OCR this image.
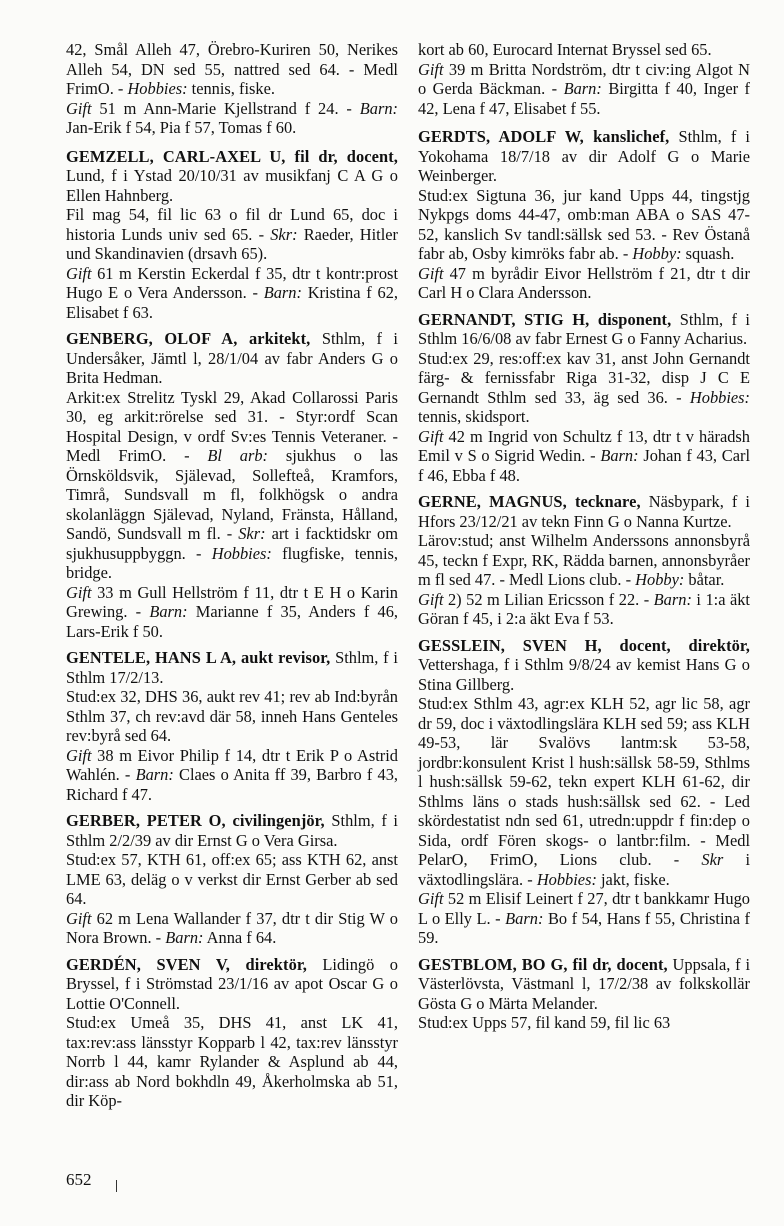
42, Smål Alleh 47, Örebro-Kuriren 50, Nerikes Alleh 54, DN sed 55, nattred sed 64. - Medl FrimO. - Hobbies: tennis, fiske.

Gift 51 m Ann-Marie Kjellstrand f 24. - Barn: Jan-Erik f 54, Pia f 57, Tomas f 60.

GEMZELL, CARL-AXEL U, fil dr, docent, Lund, f i Ystad 20/10/31 av musikfanj C A G o Ellen Hahnberg.

Fil mag 54, fil lic 63 o fil dr Lund 65, doc i historia Lunds univ sed 65. - Skr: Raeder, Hitler und Skandinavien (drsavh 65).

Gift 61 m Kerstin Eckerdal f 35, dtr t kontr:prost Hugo E o Vera Andersson. - Barn: Kristina f 62, Elisabet f 63.

GENBERG, OLOF A, arkitekt, Sthlm, f i Undersåker, Jämtl l, 28/1/04 av fabr Anders G o Brita Hedman.

Arkit:ex Strelitz Tyskl 29, Akad Collarossi Paris 30, eg arkit:rörelse sed 31. - Styr:ordf Scan Hospital Design, v ordf Sv:es Tennis Veteraner. - Medl FrimO. - Bl arb: sjukhus o las Örnsköldsvik, Själevad, Sollefteå, Kramfors, Timrå, Sundsvall m fl, folkhögsk o andra skolanläggn Själevad, Nyland, Fränsta, Hålland, Sandö, Sundsvall m fl. - Skr: art i facktidskr om sjukhusuppbyggn. - Hobbies: flugfiske, tennis, bridge.

Gift 33 m Gull Hellström f 11, dtr t E H o Karin Grewing. - Barn: Marianne f 35, Anders f 46, Lars-Erik f 50.

GENTELE, HANS L A, aukt revisor, Sthlm, f i Sthlm 17/2/13.

Stud:ex 32, DHS 36, aukt rev 41; rev ab Ind:byrån Sthlm 37, ch rev:avd där 58, inneh Hans Genteles rev:byrå sed 64.

Gift 38 m Eivor Philip f 14, dtr t Erik P o Astrid Wahlén. - Barn: Claes o Anita ff 39, Barbro f 43, Richard f 47.

GERBER, PETER O, civilingenjör, Sthlm, f i Sthlm 2/2/39 av dir Ernst G o Vera Girsa.

Stud:ex 57, KTH 61, off:ex 65; ass KTH 62, anst LME 63, deläg o v verkst dir Ernst Gerber ab sed 64.

Gift 62 m Lena Wallander f 37, dtr t dir Stig W o Nora Brown. - Barn: Anna f 64.

GERDÉN, SVEN V, direktör, Lidingö o Bryssel, f i Strömstad 23/1/16 av apot Oscar G o Lottie O'Connell.

Stud:ex Umeå 35, DHS 41, anst LK 41, tax:rev:ass länsstyr Kopparb l 42, tax:rev länsstyr Norrb l 44, kamr Rylander & Asplund ab 44, dir:ass ab Nord bokhdln 49, Åkerholmska ab 51, dir Köp-

kort ab 60, Eurocard Internat Bryssel sed 65.

Gift 39 m Britta Nordström, dtr t civ:ing Algot N o Gerda Bäckman. - Barn: Birgitta f 40, Inger f 42, Lena f 47, Elisabet f 55.

GERDTS, ADOLF W, kanslichef, Sthlm, f i Yokohama 18/7/18 av dir Adolf G o Marie Weinberger.

Stud:ex Sigtuna 36, jur kand Upps 44, tingstjg Nykpgs doms 44-47, omb:man ABA o SAS 47-52, kanslich Sv tandl:sällsk sed 53. - Rev Östanå fabr ab, Osby kimröks fabr ab. - Hobby: squash.

Gift 47 m byrådir Eivor Hellström f 21, dtr t dir Carl H o Clara Andersson.

GERNANDT, STIG H, disponent, Sthlm, f i Sthlm 16/6/08 av fabr Ernest G o Fanny Acharius.

Stud:ex 29, res:off:ex kav 31, anst John Gernandt färg- & fernissfabr Riga 31-32, disp J C E Gernandt Sthlm sed 33, äg sed 36. - Hobbies: tennis, skidsport.

Gift 42 m Ingrid von Schultz f 13, dtr t v häradsh Emil v S o Sigrid Wedin. - Barn: Johan f 43, Carl f 46, Ebba f 48.

GERNE, MAGNUS, tecknare, Näsbypark, f i Hfors 23/12/21 av tekn Finn G o Nanna Kurtze.

Lärov:stud; anst Wilhelm Anderssons annonsbyrå 45, teckn f Expr, RK, Rädda barnen, annonsbyråer m fl sed 47. - Medl Lions club. - Hobby: båtar.

Gift 2) 52 m Lilian Ericsson f 22. - Barn: i 1:a äkt Göran f 45, i 2:a äkt Eva f 53.

GESSLEIN, SVEN H, docent, direktör, Vettershaga, f i Sthlm 9/8/24 av kemist Hans G o Stina Gillberg.

Stud:ex Sthlm 43, agr:ex KLH 52, agr lic 58, agr dr 59, doc i växtodlingslära KLH sed 59; ass KLH 49-53, lär Svalövs lantm:sk 53-58, jordbr:konsulent Krist l hush:sällsk 58-59, Sthlms l hush:sällsk 59-62, tekn expert KLH 61-62, dir Sthlms läns o stads hush:sällsk sed 62. - Led skördestatist ndn sed 61, utredn:uppdr f fin:dep o Sida, ordf Fören skogs- o lantbr:film. - Medl PelarO, FrimO, Lions club. - Skr i växtodlingslära. - Hobbies: jakt, fiske.

Gift 52 m Elisif Leinert f 27, dtr t bankkamr Hugo L o Elly L. - Barn: Bo f 54, Hans f 55, Christina f 59.

GESTBLOM, BO G, fil dr, docent, Uppsala, f i Västerlövsta, Västmanl l, 17/2/38 av folkskollär Gösta G o Märta Melander.

Stud:ex Upps 57, fil kand 59, fil lic 63

652
